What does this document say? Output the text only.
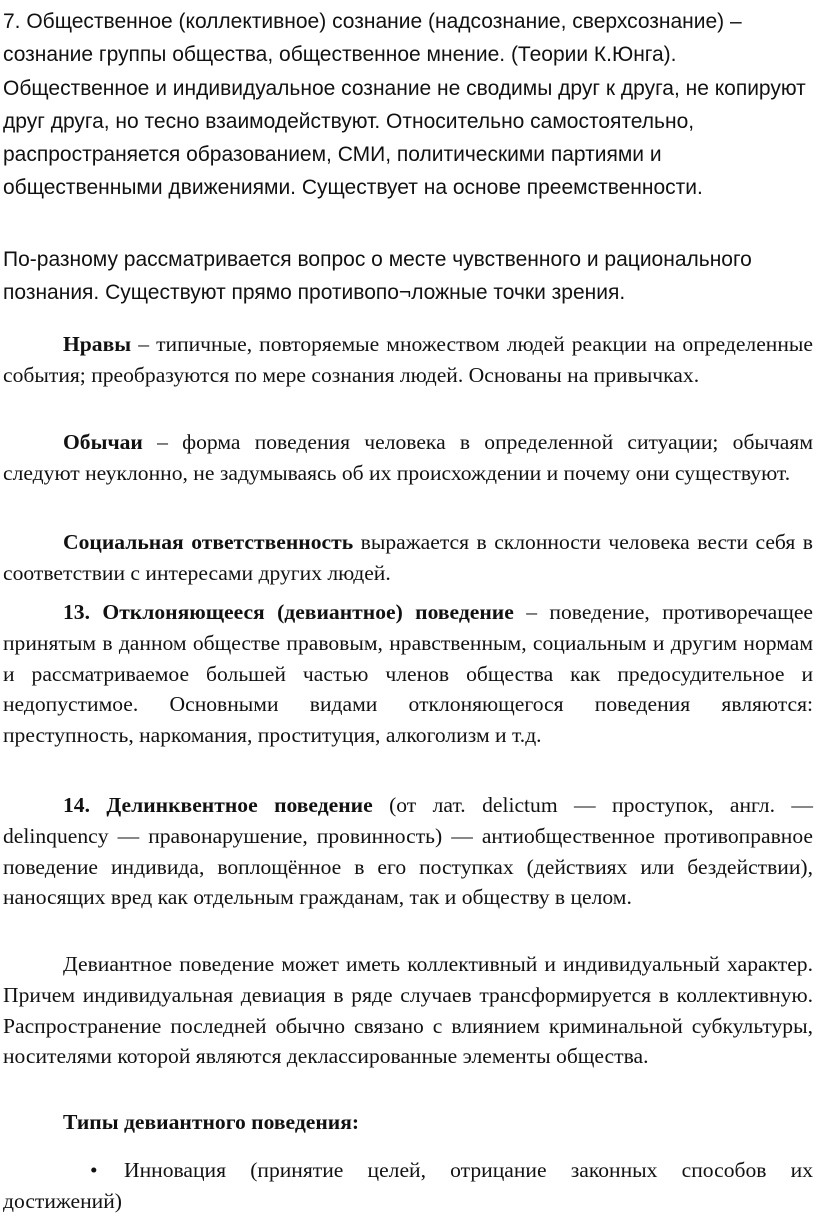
7. Общественное (коллективное) сознание (надсознание, сверхсознание) – сознание группы общества, общественное мнение. (Теории К.Юнга). Общественное и индивидуальное сознание не сводимы друг к друга, не копируют друг друга, но тесно взаимодействуют. Относительно самостоятельно, распространяется образованием, СМИ, политическими партиями и общественными движениями. Существует на основе преемственности.

По-разному рассматривается вопрос о месте чувственного и рационального познания. Существуют прямо противопо¬ложные точки зрения.

Нравы – типичные, повторяемые множеством людей реакции на определенные события; преобразуются по мере сознания людей. Основаны на привычках.

Обычаи – форма поведения человека в определенной ситуации; обычаям следуют неуклонно, не задумываясь об их происхождении и почему они существуют.

Социальная ответственность выражается в склонности человека вести себя в соответствии с интересами других людей.

13. Отклоняющееся (девиантное) поведение – поведение, противоречащее принятым в данном обществе правовым, нравственным, социальным и другим нормам и рассматриваемое большей частью членов общества как предосудительное и недопустимое. Основными видами отклоняющегося поведения являются: преступность, наркомания, проституция, алкоголизм и т.д.

14. Делинквентное поведение (от лат. delictum — проступок, англ. — delinquency — правонарушение, провинность) — антиобщественное противоправное поведение индивида, воплощённое в его поступках (действиях или бездействии), наносящих вред как отдельным гражданам, так и обществу в целом.

Девиантное поведение может иметь коллективный и индивидуальный характер. Причем индивидуальная девиация в ряде случаев трансформируется в коллективную. Распространение последней обычно связано с влиянием криминальной субкультуры, носителями которой являются деклассированные элементы общества.

Типы девиантного поведения:

• Инновация (принятие целей, отрицание законных способов их достижений)
